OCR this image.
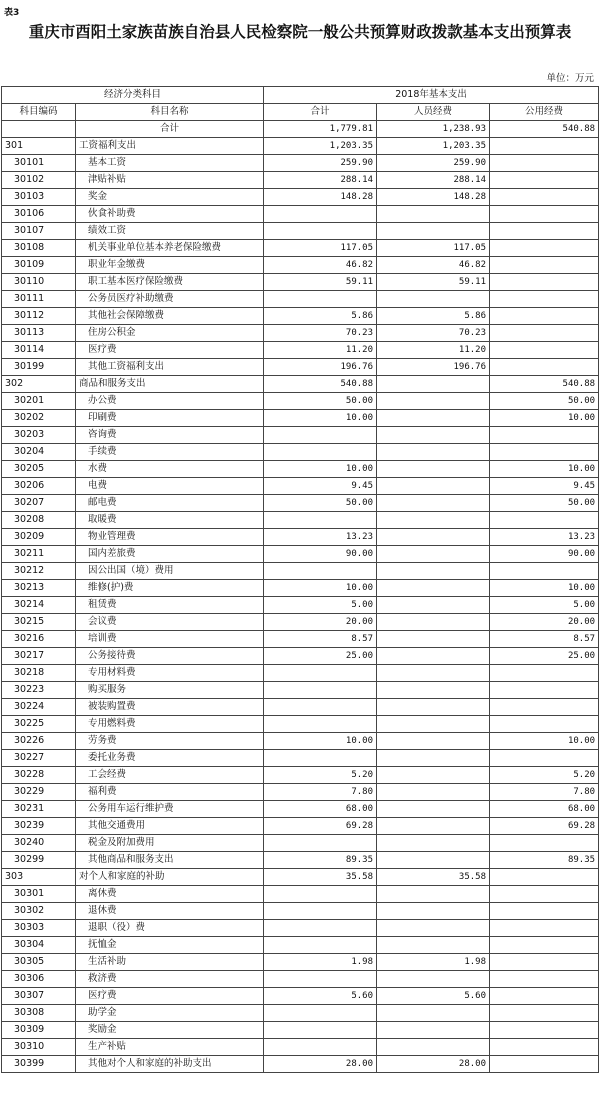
表3
重庆市酉阳土家族苗族自治县人民检察院一般公共预算财政拨款基本支出预算表
单位：万元
经济分类科目		2018年基本支出		
科目编码	科目名称	合计	人员经费	公用经费
	合计	1,779.81	1,238.93	540.88
301	工资福利支出	1,203.35	1,203.35	
30101	基本工资	259.90	259.90	
30102	津贴补贴	288.14	288.14	
30103	奖金	148.28	148.28	
30106	伙食补助费			
30107	绩效工资			
30108	机关事业单位基本养老保险缴费	117.05	117.05	
30109	职业年金缴费	46.82	46.82	
30110	职工基本医疗保险缴费	59.11	59.11	
30111	公务员医疗补助缴费			
30112	其他社会保障缴费	5.86	5.86	
30113	住房公积金	70.23	70.23	
30114	医疗费	11.20	11.20	
30199	其他工资福利支出	196.76	196.76	
302	商品和服务支出	540.88		540.88
30201	办公费	50.00		50.00
30202	印刷费	10.00		10.00
30203	咨询费			
30204	手续费			
30205	水费	10.00		10.00
30206	电费	9.45		9.45
30207	邮电费	50.00		50.00
30208	取暖费			
30209	物业管理费	13.23		13.23
30211	国内差旅费	90.00		90.00
30212	因公出国（境）费用			
30213	维修(护)费	10.00		10.00
30214	租赁费	5.00		5.00
30215	会议费	20.00		20.00
30216	培训费	8.57		8.57
30217	公务接待费	25.00		25.00
30218	专用材料费			
30223	购买服务			
30224	被装购置费			
30225	专用燃料费			
30226	劳务费	10.00		10.00
30227	委托业务费			
30228	工会经费	5.20		5.20
30229	福利费	7.80		7.80
30231	公务用车运行维护费	68.00		68.00
30239	其他交通费用	69.28		69.28
30240	税金及附加费用			
30299	其他商品和服务支出	89.35		89.35
303	对个人和家庭的补助	35.58	35.58	
30301	离休费			
30302	退休费			
30303	退职（役）费			
30304	抚恤金			
30305	生活补助	1.98	1.98	
30306	救济费			
30307	医疗费	5.60	5.60	
30308	助学金			
30309	奖励金			
30310	生产补贴			
30399	其他对个人和家庭的补助支出	28.00	28.00	
